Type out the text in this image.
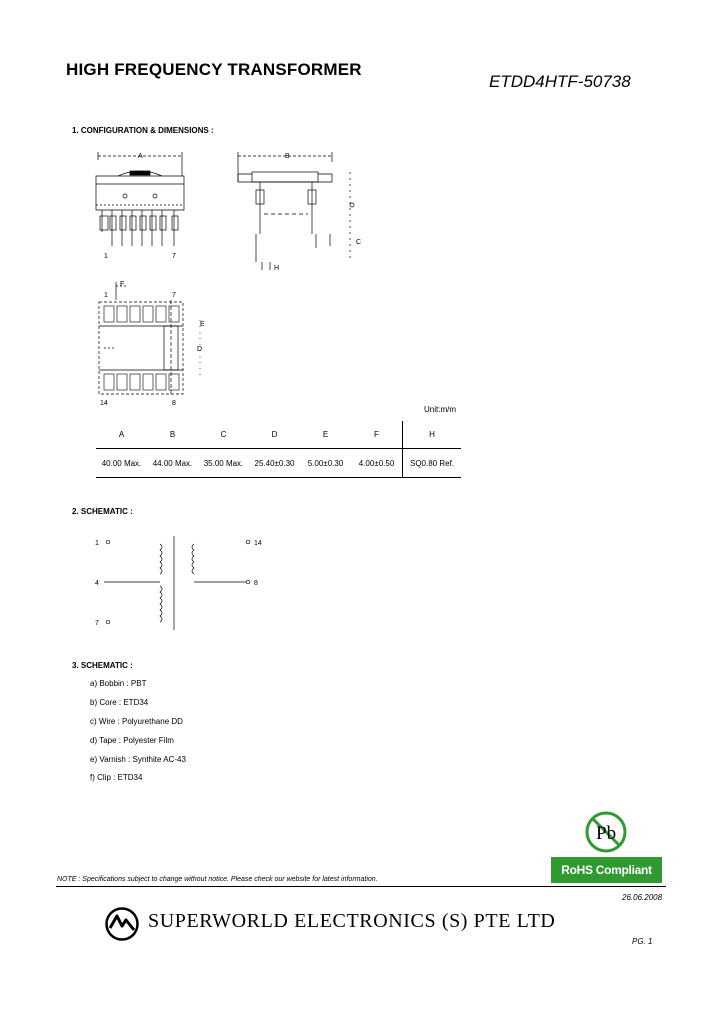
HIGH FREQUENCY TRANSFORMER
ETDD4HTF-50738
1. CONFIGURATION & DIMENSIONS :
A	B
C
D
E
F
H
1	7
1	7
14	8
Unit:m/m
A	B	C	D	E	F	H
40.00 Max.	44.00 Max.	35.00 Max.	25.40±0.30	5.00±0.30	4.00±0.50	SQ0.80 Ref.
2. SCHEMATIC :
1
4
7
14
8
3. SCHEMATIC :
a) Bobbin : PBT
b) Core : ETD34
c) Wire : Polyurethane DD
d) Tape : Polyester Film
e) Varnish : Synthite AC-43
f) Clip : ETD34
Pb
RoHS Compliant
NOTE : Specifications subject to change without notice. Please check our website for latest information.
26.06.2008
SUPERWORLD ELECTRONICS (S) PTE LTD
PG. 1
